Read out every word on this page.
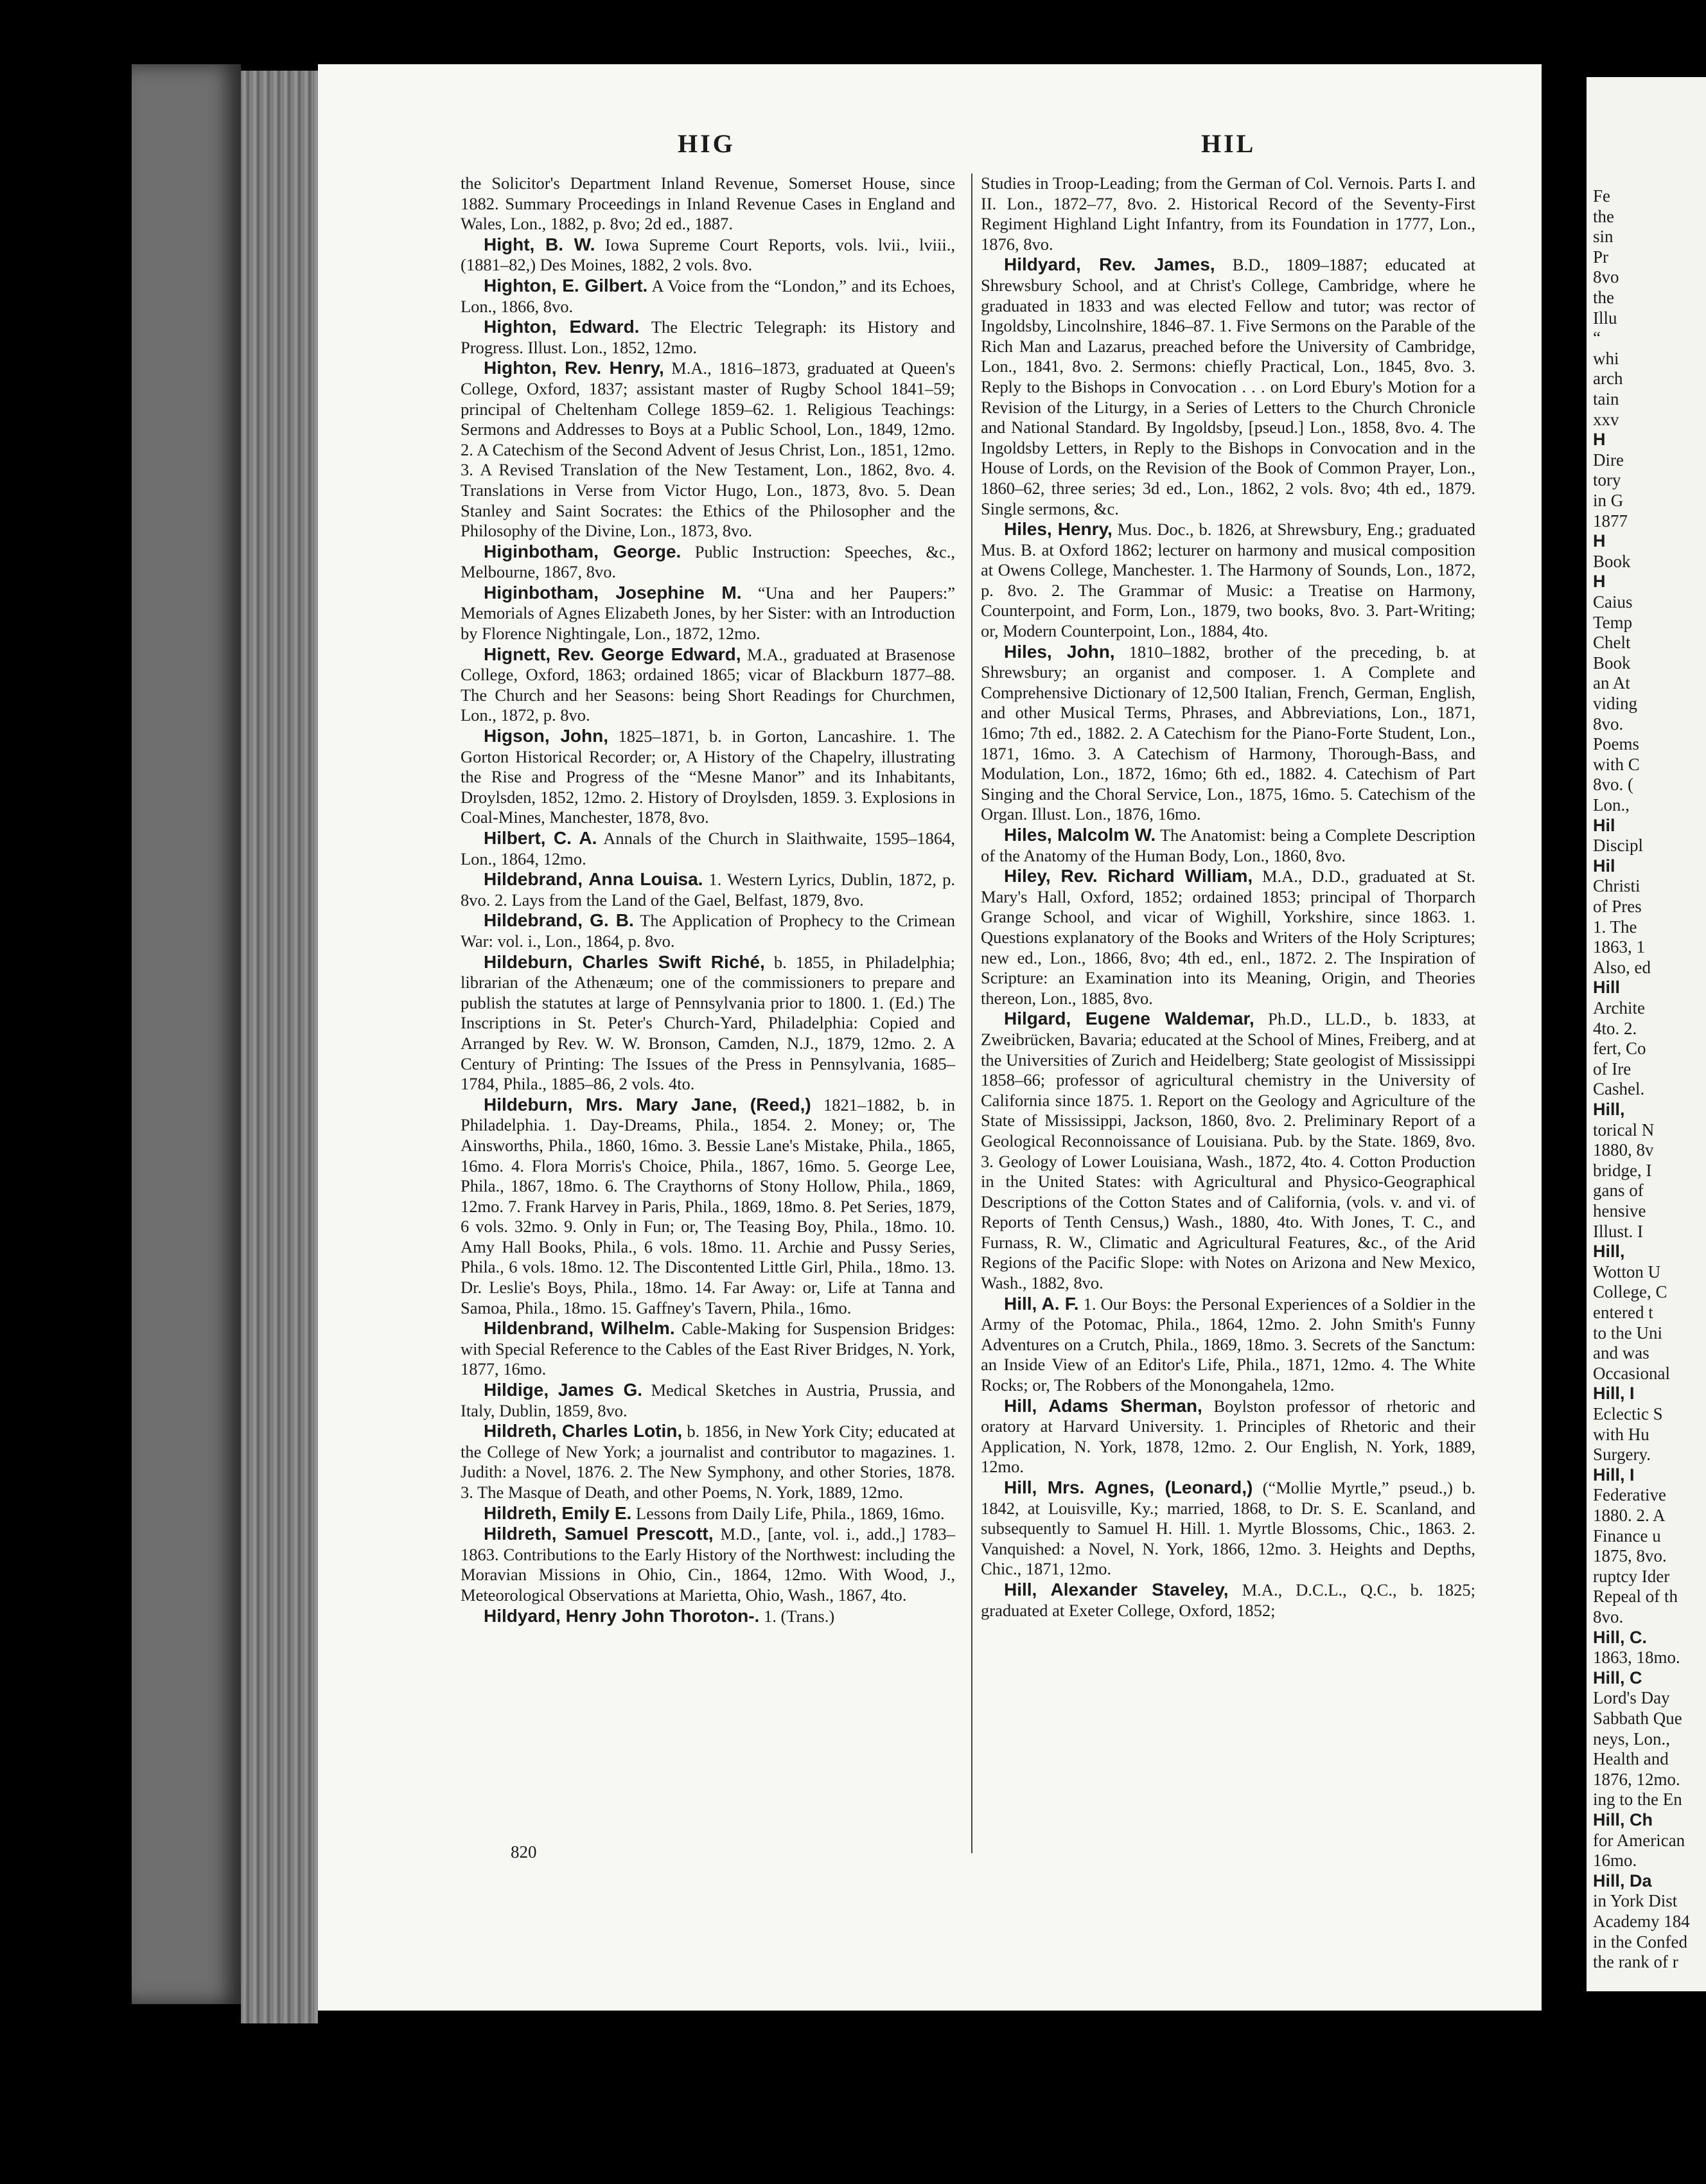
HIG	HIL

the Solicitor's Department Inland Revenue, Somerset House, since 1882. Summary Proceedings in Inland Revenue Cases in England and Wales, Lon., 1882, p. 8vo; 2d ed., 1887.

Hight, B. W. Iowa Supreme Court Reports, vols. lvii., lviii., (1881–82,) Des Moines, 1882, 2 vols. 8vo.

Highton, E. Gilbert. A Voice from the “London,” and its Echoes, Lon., 1866, 8vo.

Highton, Edward. The Electric Telegraph: its History and Progress. Illust. Lon., 1852, 12mo.

Highton, Rev. Henry, M.A., 1816–1873, graduated at Queen's College, Oxford, 1837; assistant master of Rugby School 1841–59; principal of Cheltenham College 1859–62. 1. Religious Teachings: Sermons and Addresses to Boys at a Public School, Lon., 1849, 12mo. 2. A Catechism of the Second Advent of Jesus Christ, Lon., 1851, 12mo. 3. A Revised Translation of the New Testament, Lon., 1862, 8vo. 4. Translations in Verse from Victor Hugo, Lon., 1873, 8vo. 5. Dean Stanley and Saint Socrates: the Ethics of the Philosopher and the Philosophy of the Divine, Lon., 1873, 8vo.

Higinbotham, George. Public Instruction: Speeches, &c., Melbourne, 1867, 8vo.

Higinbotham, Josephine M. “Una and her Paupers:” Memorials of Agnes Elizabeth Jones, by her Sister: with an Introduction by Florence Nightingale, Lon., 1872, 12mo.

Hignett, Rev. George Edward, M.A., graduated at Brasenose College, Oxford, 1863; ordained 1865; vicar of Blackburn 1877–88. The Church and her Seasons: being Short Readings for Churchmen, Lon., 1872, p. 8vo.

Higson, John, 1825–1871, b. in Gorton, Lancashire. 1. The Gorton Historical Recorder; or, A History of the Chapelry, illustrating the Rise and Progress of the “Mesne Manor” and its Inhabitants, Droylsden, 1852, 12mo. 2. History of Droylsden, 1859. 3. Explosions in Coal-Mines, Manchester, 1878, 8vo.

Hilbert, C. A. Annals of the Church in Slaithwaite, 1595–1864, Lon., 1864, 12mo.

Hildebrand, Anna Louisa. 1. Western Lyrics, Dublin, 1872, p. 8vo. 2. Lays from the Land of the Gael, Belfast, 1879, 8vo.

Hildebrand, G. B. The Application of Prophecy to the Crimean War: vol. i., Lon., 1864, p. 8vo.

Hildeburn, Charles Swift Riché, b. 1855, in Philadelphia; librarian of the Athenæum; one of the commissioners to prepare and publish the statutes at large of Pennsylvania prior to 1800. 1. (Ed.) The Inscriptions in St. Peter's Church-Yard, Philadelphia: Copied and Arranged by Rev. W. W. Bronson, Camden, N.J., 1879, 12mo. 2. A Century of Printing: The Issues of the Press in Pennsylvania, 1685–1784, Phila., 1885–86, 2 vols. 4to.

Hildeburn, Mrs. Mary Jane, (Reed,) 1821–1882, b. in Philadelphia. 1. Day-Dreams, Phila., 1854. 2. Money; or, The Ainsworths, Phila., 1860, 16mo. 3. Bessie Lane's Mistake, Phila., 1865, 16mo. 4. Flora Morris's Choice, Phila., 1867, 16mo. 5. George Lee, Phila., 1867, 18mo. 6. The Craythorns of Stony Hollow, Phila., 1869, 12mo. 7. Frank Harvey in Paris, Phila., 1869, 18mo. 8. Pet Series, 1879, 6 vols. 32mo. 9. Only in Fun; or, The Teasing Boy, Phila., 18mo. 10. Amy Hall Books, Phila., 6 vols. 18mo. 11. Archie and Pussy Series, Phila., 6 vols. 18mo. 12. The Discontented Little Girl, Phila., 18mo. 13. Dr. Leslie's Boys, Phila., 18mo. 14. Far Away: or, Life at Tanna and Samoa, Phila., 18mo. 15. Gaffney's Tavern, Phila., 16mo.

Hildenbrand, Wilhelm. Cable-Making for Suspension Bridges: with Special Reference to the Cables of the East River Bridges, N. York, 1877, 16mo.

Hildige, James G. Medical Sketches in Austria, Prussia, and Italy, Dublin, 1859, 8vo.

Hildreth, Charles Lotin, b. 1856, in New York City; educated at the College of New York; a journalist and contributor to magazines. 1. Judith: a Novel, 1876. 2. The New Symphony, and other Stories, 1878. 3. The Masque of Death, and other Poems, N. York, 1889, 12mo.

Hildreth, Emily E. Lessons from Daily Life, Phila., 1869, 16mo.

Hildreth, Samuel Prescott, M.D., [ante, vol. i., add.,] 1783–1863. Contributions to the Early History of the Northwest: including the Moravian Missions in Ohio, Cin., 1864, 12mo. With Wood, J., Meteorological Observations at Marietta, Ohio, Wash., 1867, 4to.

Hildyard, Henry John Thoroton-. 1. (Trans.)

Studies in Troop-Leading; from the German of Col. Vernois. Parts I. and II. Lon., 1872–77, 8vo. 2. Historical Record of the Seventy-First Regiment Highland Light Infantry, from its Foundation in 1777, Lon., 1876, 8vo.

Hildyard, Rev. James, B.D., 1809–1887; educated at Shrewsbury School, and at Christ's College, Cambridge, where he graduated in 1833 and was elected Fellow and tutor; was rector of Ingoldsby, Lincolnshire, 1846–87. 1. Five Sermons on the Parable of the Rich Man and Lazarus, preached before the University of Cambridge, Lon., 1841, 8vo. 2. Sermons: chiefly Practical, Lon., 1845, 8vo. 3. Reply to the Bishops in Convocation . . . on Lord Ebury's Motion for a Revision of the Liturgy, in a Series of Letters to the Church Chronicle and National Standard. By Ingoldsby, [pseud.] Lon., 1858, 8vo. 4. The Ingoldsby Letters, in Reply to the Bishops in Convocation and in the House of Lords, on the Revision of the Book of Common Prayer, Lon., 1860–62, three series; 3d ed., Lon., 1862, 2 vols. 8vo; 4th ed., 1879. Single sermons, &c.

Hiles, Henry, Mus. Doc., b. 1826, at Shrewsbury, Eng.; graduated Mus. B. at Oxford 1862; lecturer on harmony and musical composition at Owens College, Manchester. 1. The Harmony of Sounds, Lon., 1872, p. 8vo. 2. The Grammar of Music: a Treatise on Harmony, Counterpoint, and Form, Lon., 1879, two books, 8vo. 3. Part-Writing; or, Modern Counterpoint, Lon., 1884, 4to.

Hiles, John, 1810–1882, brother of the preceding, b. at Shrewsbury; an organist and composer. 1. A Complete and Comprehensive Dictionary of 12,500 Italian, French, German, English, and other Musical Terms, Phrases, and Abbreviations, Lon., 1871, 16mo; 7th ed., 1882. 2. A Catechism for the Piano-Forte Student, Lon., 1871, 16mo. 3. A Catechism of Harmony, Thorough-Bass, and Modulation, Lon., 1872, 16mo; 6th ed., 1882. 4. Catechism of Part Singing and the Choral Service, Lon., 1875, 16mo. 5. Catechism of the Organ. Illust. Lon., 1876, 16mo.

Hiles, Malcolm W. The Anatomist: being a Complete Description of the Anatomy of the Human Body, Lon., 1860, 8vo.

Hiley, Rev. Richard William, M.A., D.D., graduated at St. Mary's Hall, Oxford, 1852; ordained 1853; principal of Thorparch Grange School, and vicar of Wighill, Yorkshire, since 1863. 1. Questions explanatory of the Books and Writers of the Holy Scriptures; new ed., Lon., 1866, 8vo; 4th ed., enl., 1872. 2. The Inspiration of Scripture: an Examination into its Meaning, Origin, and Theories thereon, Lon., 1885, 8vo.

Hilgard, Eugene Waldemar, Ph.D., LL.D., b. 1833, at Zweibrücken, Bavaria; educated at the School of Mines, Freiberg, and at the Universities of Zurich and Heidelberg; State geologist of Mississippi 1858–66; professor of agricultural chemistry in the University of California since 1875. 1. Report on the Geology and Agriculture of the State of Mississippi, Jackson, 1860, 8vo. 2. Preliminary Report of a Geological Reconnoissance of Louisiana. Pub. by the State. 1869, 8vo. 3. Geology of Lower Louisiana, Wash., 1872, 4to. 4. Cotton Production in the United States: with Agricultural and Physico-Geographical Descriptions of the Cotton States and of California, (vols. v. and vi. of Reports of Tenth Census,) Wash., 1880, 4to. With Jones, T. C., and Furnass, R. W., Climatic and Agricultural Features, &c., of the Arid Regions of the Pacific Slope: with Notes on Arizona and New Mexico, Wash., 1882, 8vo.

Hill, A. F. 1. Our Boys: the Personal Experiences of a Soldier in the Army of the Potomac, Phila., 1864, 12mo. 2. John Smith's Funny Adventures on a Crutch, Phila., 1869, 18mo. 3. Secrets of the Sanctum: an Inside View of an Editor's Life, Phila., 1871, 12mo. 4. The White Rocks; or, The Robbers of the Monongahela, 12mo.

Hill, Adams Sherman, Boylston professor of rhetoric and oratory at Harvard University. 1. Principles of Rhetoric and their Application, N. York, 1878, 12mo. 2. Our English, N. York, 1889, 12mo.

Hill, Mrs. Agnes, (Leonard,) (“Mollie Myrtle,” pseud.,) b. 1842, at Louisville, Ky.; married, 1868, to Dr. S. E. Scanland, and subsequently to Samuel H. Hill. 1. Myrtle Blossoms, Chic., 1863. 2. Vanquished: a Novel, N. York, 1866, 12mo. 3. Heights and Depths, Chic., 1871, 12mo.

Hill, Alexander Staveley, M.A., D.C.L., Q.C., b. 1825; graduated at Exeter College, Oxford, 1852;

820
Fe
the
sin
Pr
8vo
the
Illu
“
whi
arch
tain
xxv
H
Dire
tory
in G
1877
H
Book
H
Caius
Temp
Chelt
Book
an At
viding
8vo.
Poems
with C
8vo. (
Lon.,
Hil
Discipl
Hil
Christi
of Pres
1. The
1863, 1
Also, ed
Hill
Archite
4to. 2.
fert, Co
of Ire
Cashel.
Hill,
torical N
1880, 8v
bridge, I
gans of
hensive
Illust. I
Hill,
Wotton U
College, C
entered t
to the Uni
and was
Occasional
Hill, I
Eclectic S
with Hu
Surgery.
Hill, I
Federative
1880. 2. A
Finance u
1875, 8vo.
ruptcy Ider
Repeal of th
8vo.
Hill, C.
1863, 18mo.
Hill, C
Lord's Day
Sabbath Que
neys, Lon.,
Health and
1876, 12mo.
ing to the En
Hill, Ch
for American
16mo.
Hill, Da
in York Dist
Academy 184
in the Confed
the rank of r
